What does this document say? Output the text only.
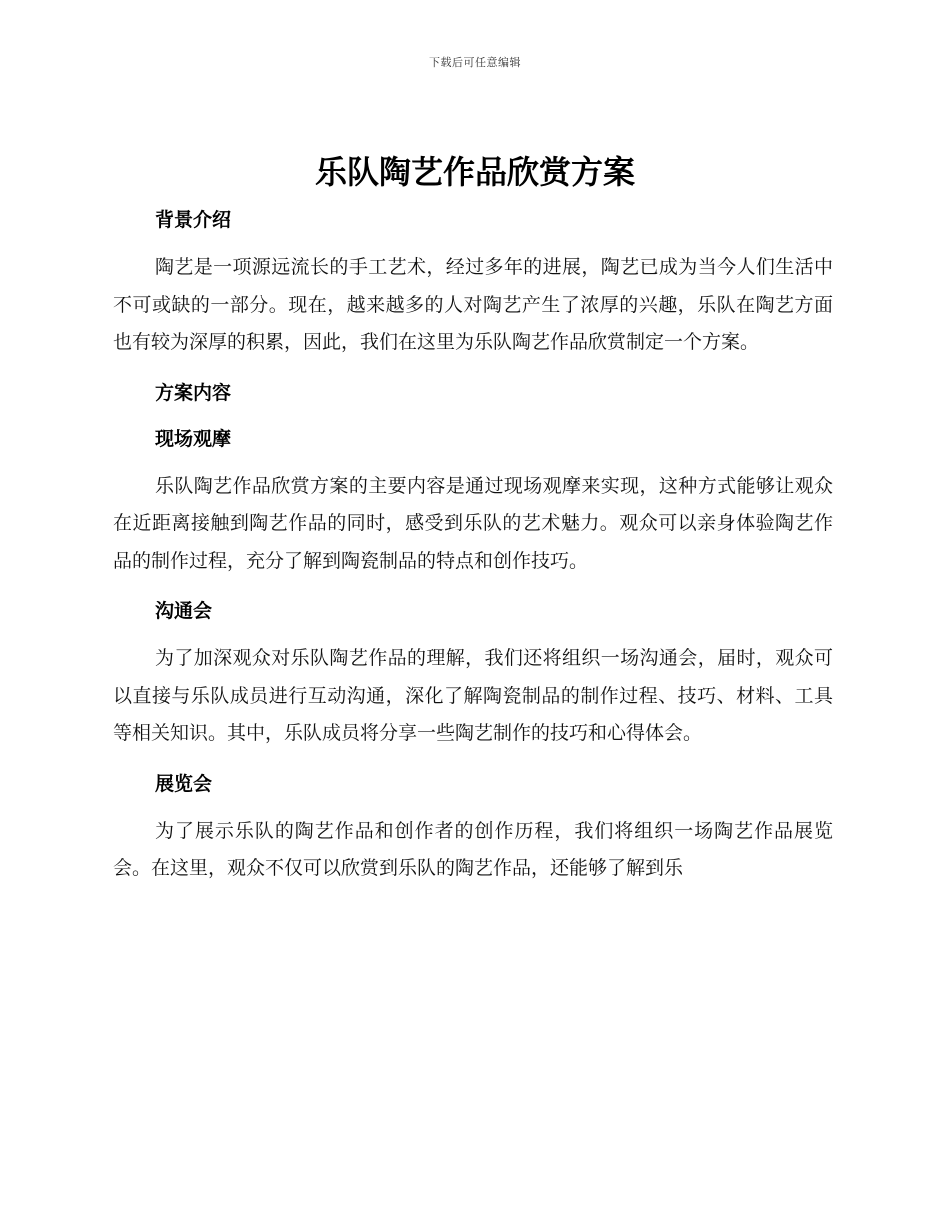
下载后可任意编辑
乐队陶艺作品欣赏方案
背景介绍

陶艺是一项源远流长的手工艺术，经过多年的进展，陶艺已成为当今人们生活中不可或缺的一部分。现在，越来越多的人对陶艺产生了浓厚的兴趣，乐队在陶艺方面也有较为深厚的积累，因此，我们在这里为乐队陶艺作品欣赏制定一个方案。

方案内容
现场观摩

乐队陶艺作品欣赏方案的主要内容是通过现场观摩来实现，这种方式能够让观众在近距离接触到陶艺作品的同时，感受到乐队的艺术魅力。观众可以亲身体验陶艺作品的制作过程，充分了解到陶瓷制品的特点和创作技巧。

沟通会

为了加深观众对乐队陶艺作品的理解，我们还将组织一场沟通会，届时，观众可以直接与乐队成员进行互动沟通，深化了解陶瓷制品的制作过程、技巧、材料、工具等相关知识。其中，乐队成员将分享一些陶艺制作的技巧和心得体会。

展览会

为了展示乐队的陶艺作品和创作者的创作历程，我们将组织一场陶艺作品展览会。在这里，观众不仅可以欣赏到乐队的陶艺作品，还能够了解到乐
